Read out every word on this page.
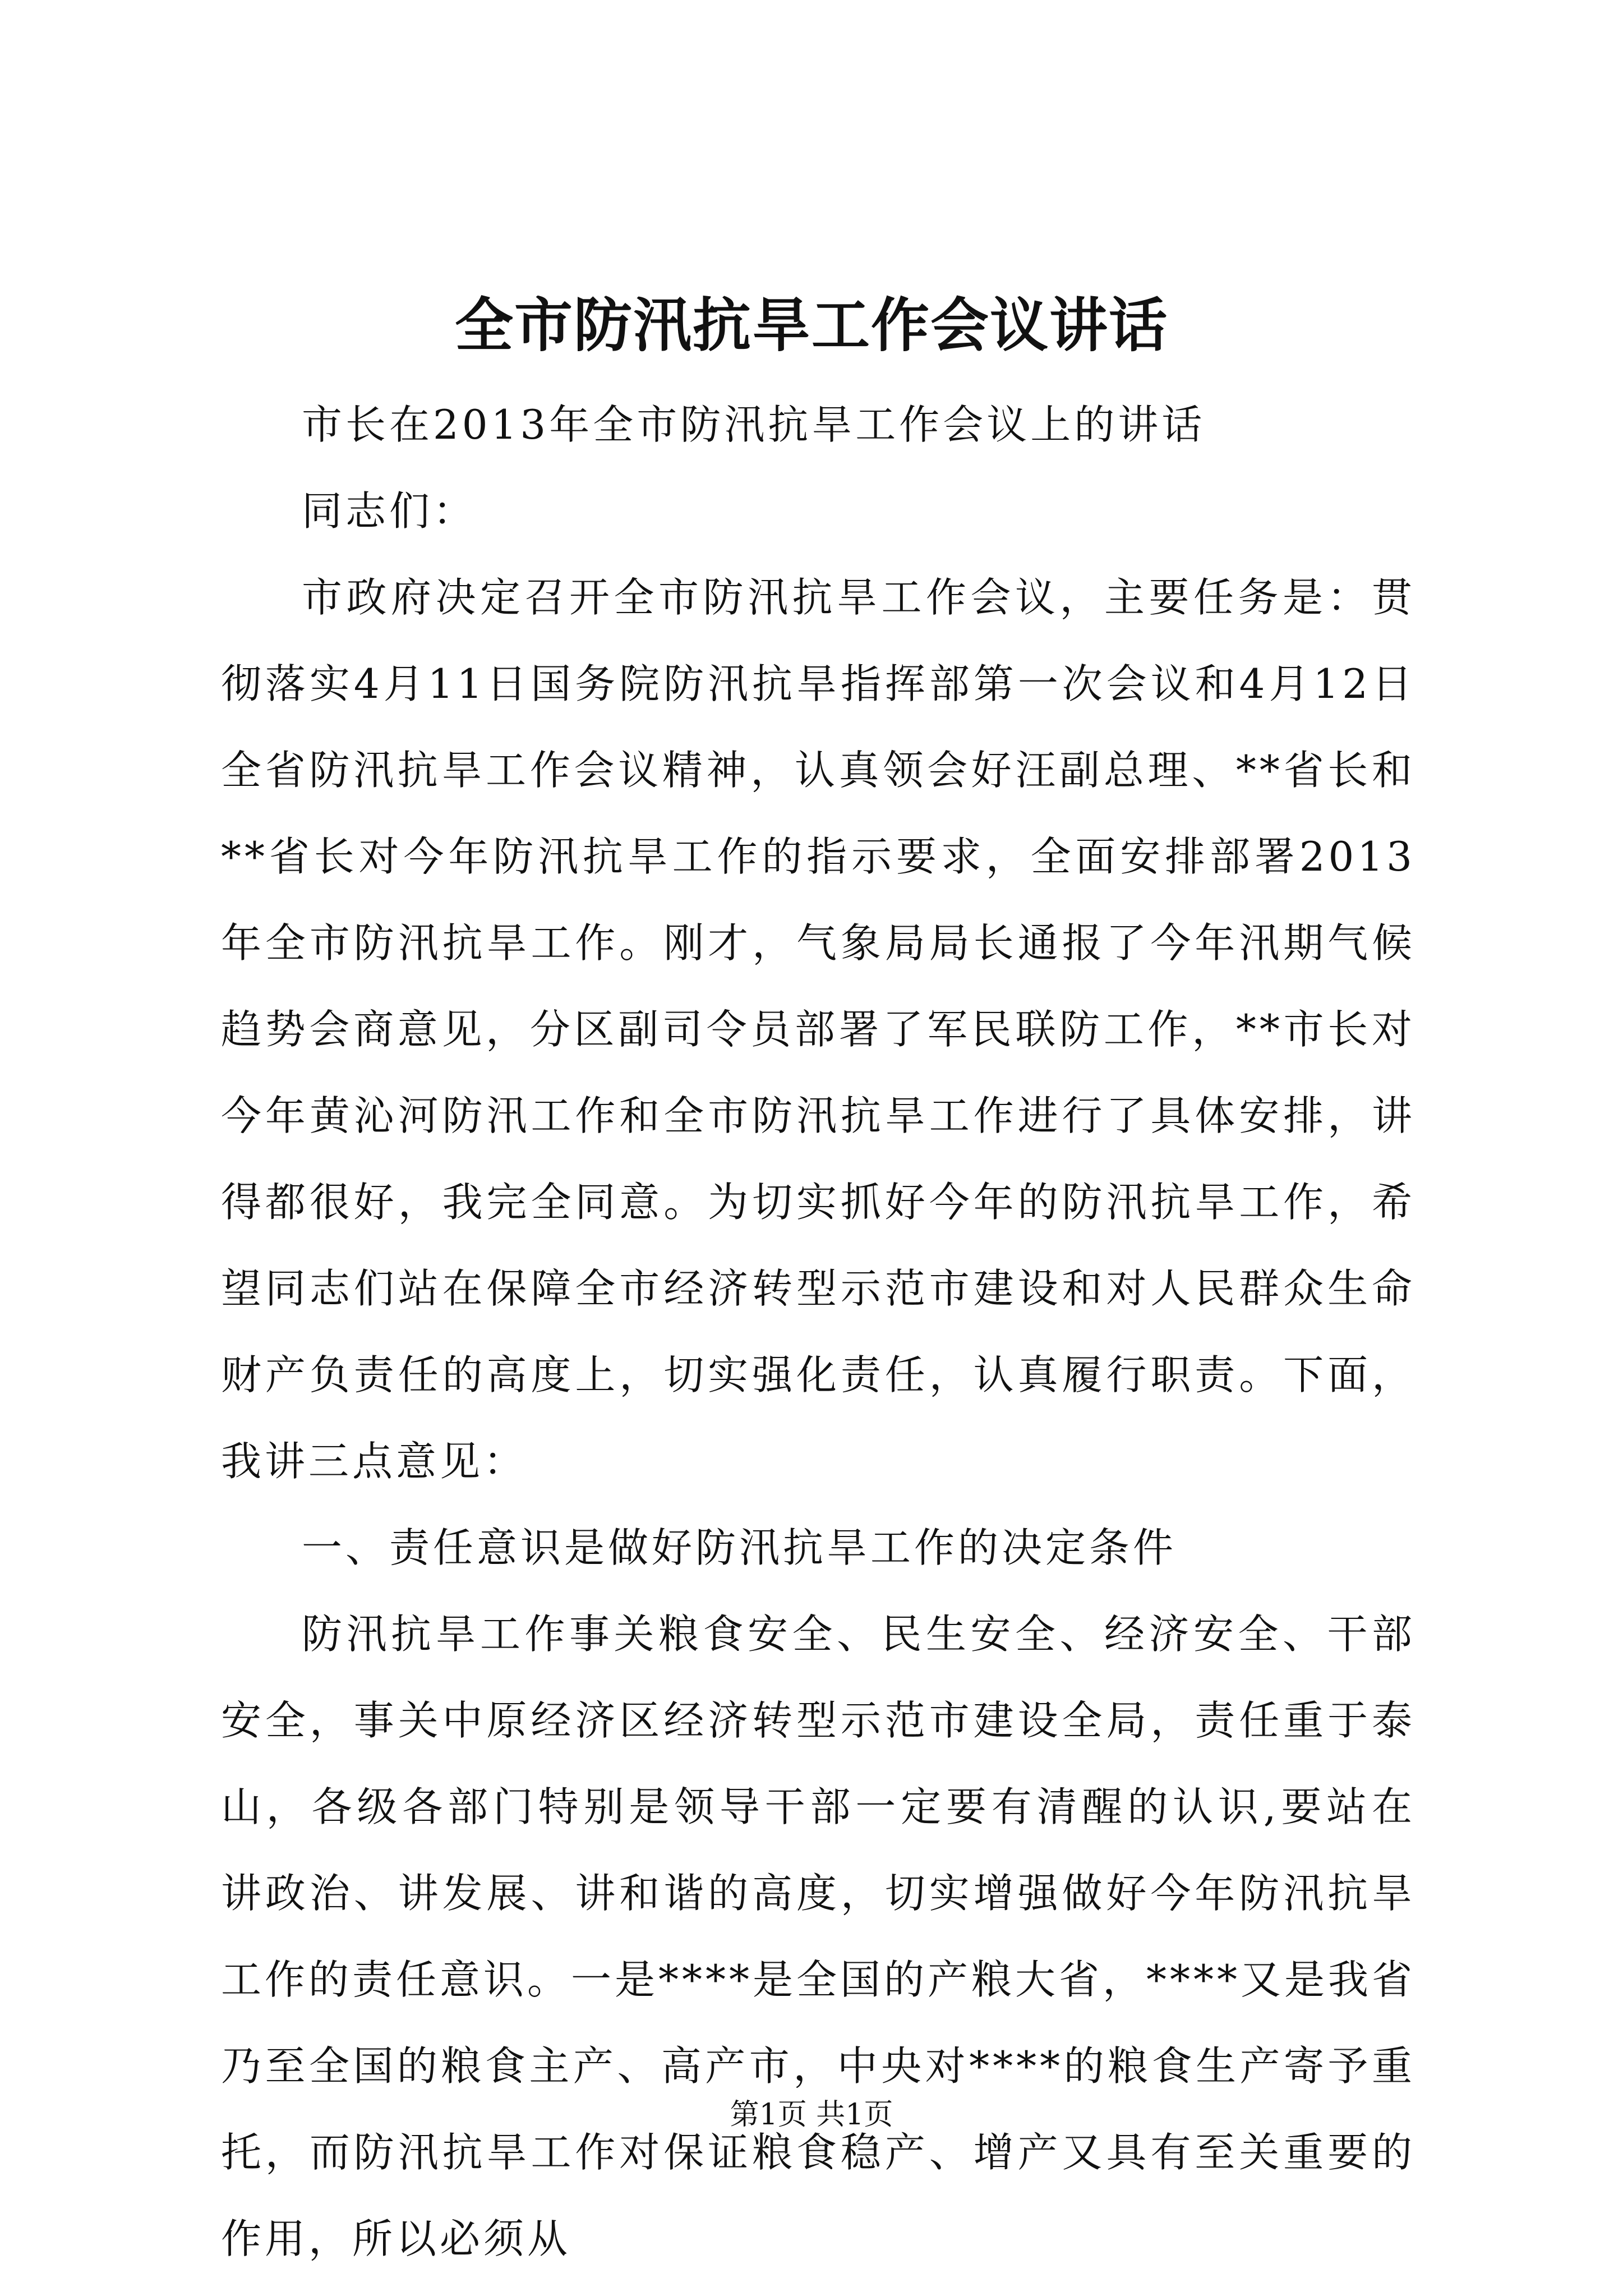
全市防汛抗旱工作会议讲话

市长在2013年全市防汛抗旱工作会议上的讲话

同志们：

市政府决定召开全市防汛抗旱工作会议，主要任务是：贯彻落实4月11日国务院防汛抗旱指挥部第一次会议和4月12日全省防汛抗旱工作会议精神，认真领会好汪副总理、**省长和**省长对今年防汛抗旱工作的指示要求，全面安排部署2013年全市防汛抗旱工作。刚才，气象局局长通报了今年汛期气候趋势会商意见，分区副司令员部署了军民联防工作，**市长对今年黄沁河防汛工作和全市防汛抗旱工作进行了具体安排，讲得都很好，我完全同意。为切实抓好今年的防汛抗旱工作，希望同志们站在保障全市经济转型示范市建设和对人民群众生命财产负责任的高度上，切实强化责任，认真履行职责。下面，我讲三点意见：

一、责任意识是做好防汛抗旱工作的决定条件

防汛抗旱工作事关粮食安全、民生安全、经济安全、干部安全，事关中原经济区经济转型示范市建设全局，责任重于泰山，各级各部门特别是领导干部一定要有清醒的认识,要站在讲政治、讲发展、讲和谐的高度，切实增强做好今年防汛抗旱工作的责任意识。一是****是全国的产粮大省，****又是我省乃至全国的粮食主产、高产市，中央对****的粮食生产寄予重托，而防汛抗旱工作对保证粮食稳产、增产又具有至关重要的作用，所以必须从

第1页 共1页
